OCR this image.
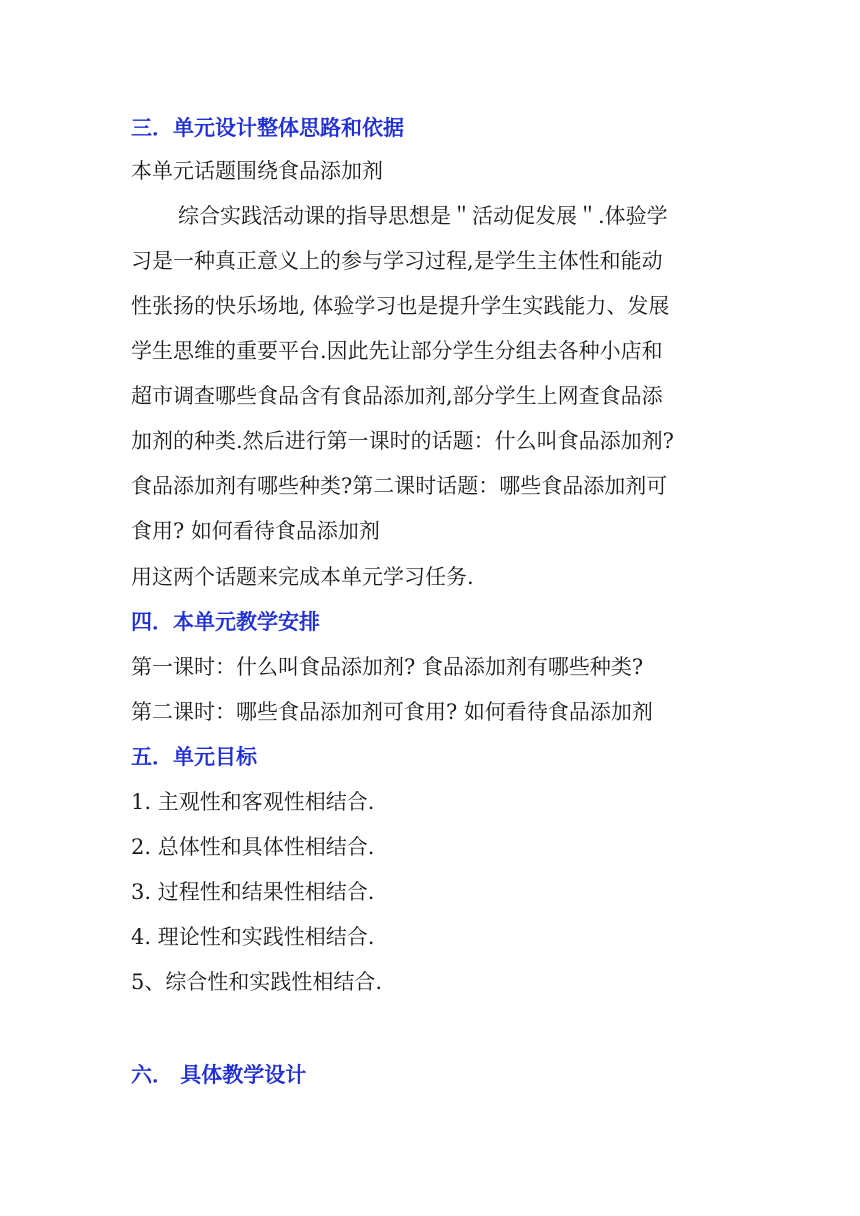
三．单元设计整体思路和依据
本单元话题围绕食品添加剂
综合实践活动课的指导思想是＂活动促发展＂.体验学
习是一种真正意义上的参与学习过程,是学生主体性和能动
性张扬的快乐场地, 体验学习也是提升学生实践能力、发展
学生思维的重要平台.因此先让部分学生分组去各种小店和
超市调查哪些食品含有食品添加剂,部分学生上网查食品添
加剂的种类.然后进行第一课时的话题：什么叫食品添加剂?
食品添加剂有哪些种类?第二课时话题：哪些食品添加剂可
食用? 如何看待食品添加剂
用这两个话题来完成本单元学习任务.
四．本单元教学安排
第一课时：什么叫食品添加剂? 食品添加剂有哪些种类?
第二课时：哪些食品添加剂可食用? 如何看待食品添加剂
五．单元目标
1. 主观性和客观性相结合.
2. 总体性和具体性相结合.
3. 过程性和结果性相结合.
4. 理论性和实践性相结合.
5、综合性和实践性相结合.
六． 具体教学设计
